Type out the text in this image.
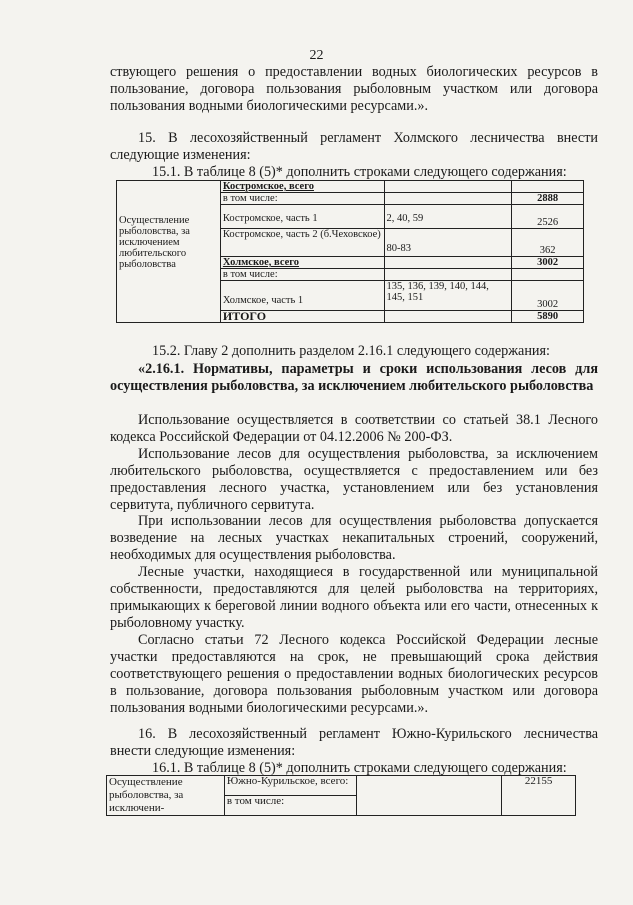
22

ствующего решения о предоставлении водных биологических ресурсов в пользование, договора пользования рыболовным участком или договора пользования водными биологическими ресурсами.».

15. В лесохозяйственный регламент Холмского лесничества внести следующие изменения:

15.1. В таблице 8 (5)* дополнить строками следующего содержания:
Осуществление рыболовства, за исключением любительского рыболовства	Костромское, всего		
	в том числе:		2888
	Костромское, часть 1	2, 40, 59	2526
	Костромское, часть 2 (б.Чеховское)	80-83	362
	Холмское, всего		3002
	в том числе:		
	Холмское, часть 1	135, 136, 139, 140, 144, 145, 151	3002
	ИТОГО		5890
15.2. Главу 2 дополнить разделом 2.16.1 следующего содержания:

«2.16.1. Нормативы, параметры и сроки использования лесов для осуществления рыболовства, за исключением любительского рыболовства

Использование осуществляется в соответствии со статьей 38.1 Лесного кодекса Российской Федерации от 04.12.2006 № 200-ФЗ.

Использование лесов для осуществления рыболовства, за исключением любительского рыболовства, осуществляется с предоставлением или без предоставления лесного участка, установлением или без установления сервитута, публичного сервитута.

При использовании лесов для осуществления рыболовства допускается возведение на лесных участках некапитальных строений, сооружений, необходимых для осуществления рыболовства.

Лесные участки, находящиеся в государственной или муниципальной собственности, предоставляются для целей рыболовства на территориях, примыкающих к береговой линии водного объекта или его части, отнесенных к рыболовному участку.

Согласно статьи 72 Лесного кодекса Российской Федерации лесные участки предоставляются на срок, не превышающий срока действия соответствующего решения о предоставлении водных биологических ресурсов в пользование, договора пользования рыболовным участком или договора пользования водными биологическими ресурсами.».

16. В лесохозяйственный регламент Южно-Курильского лесничества внести следующие изменения:

16.1. В таблице 8 (5)* дополнить строками следующего содержания:
Осуществление рыболовства, за исключени-	Южно-Курильское, всего:		22155
в том числе:
